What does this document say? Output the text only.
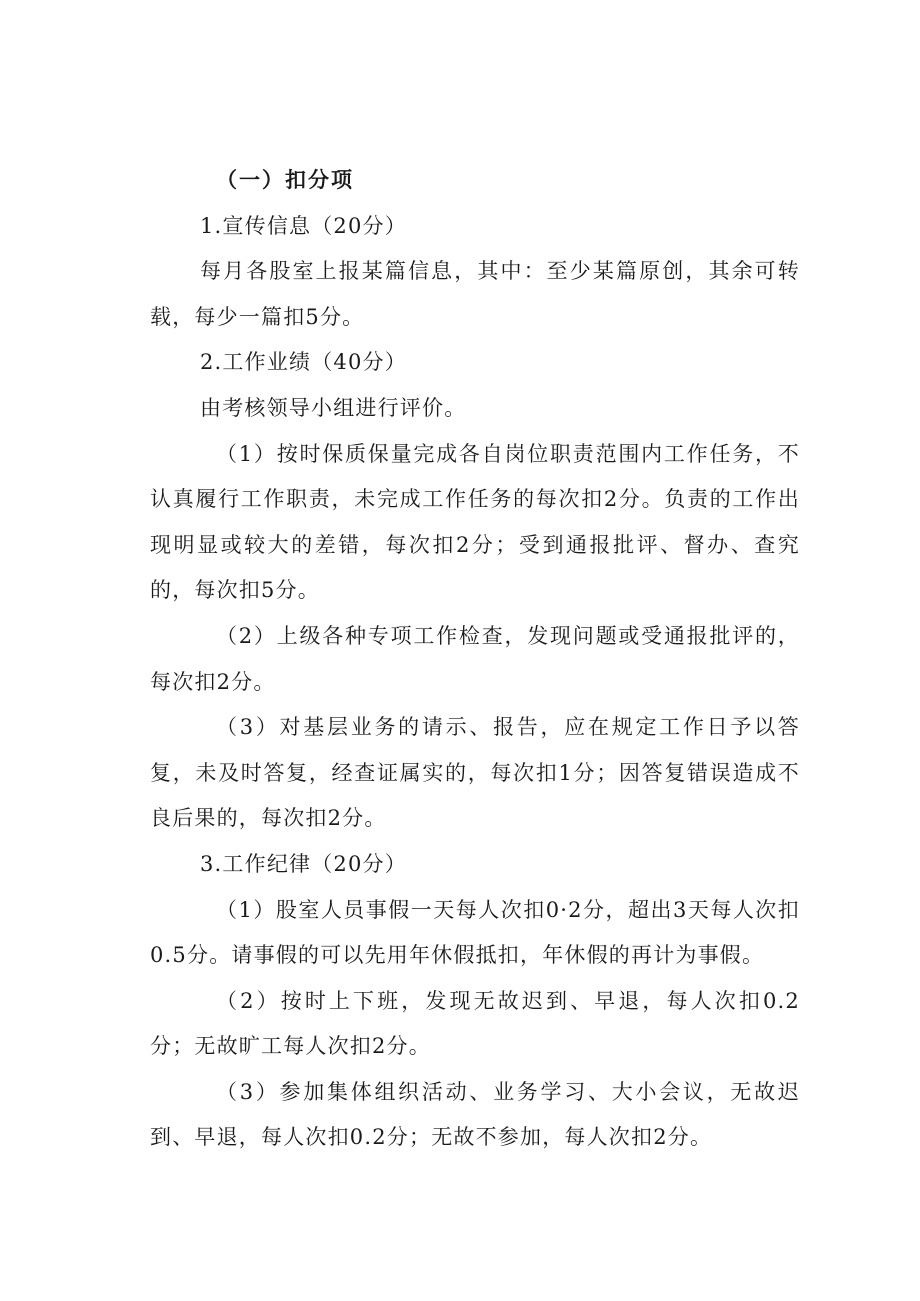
（一）扣分项

1.宣传信息（20分）

每月各股室上报某篇信息，其中：至少某篇原创，其余可转载，每少一篇扣5分。

2.工作业绩（40分）

由考核领导小组进行评价。

（1）按时保质保量完成各自岗位职责范围内工作任务，不认真履行工作职责，未完成工作任务的每次扣2分。负责的工作出现明显或较大的差错，每次扣2分；受到通报批评、督办、查究的，每次扣5分。

（2）上级各种专项工作检查，发现问题或受通报批评的，每次扣2分。

（3）对基层业务的请示、报告，应在规定工作日予以答复，未及时答复，经查证属实的，每次扣1分；因答复错误造成不良后果的，每次扣2分。

3.工作纪律（20分）

（1）股室人员事假一天每人次扣0·2分，超出3天每人次扣0.5分。请事假的可以先用年休假抵扣，年休假的再计为事假。

（2）按时上下班，发现无故迟到、早退，每人次扣0.2分；无故旷工每人次扣2分。

（3）参加集体组织活动、业务学习、大小会议，无故迟到、早退，每人次扣0.2分；无故不参加，每人次扣2分。
